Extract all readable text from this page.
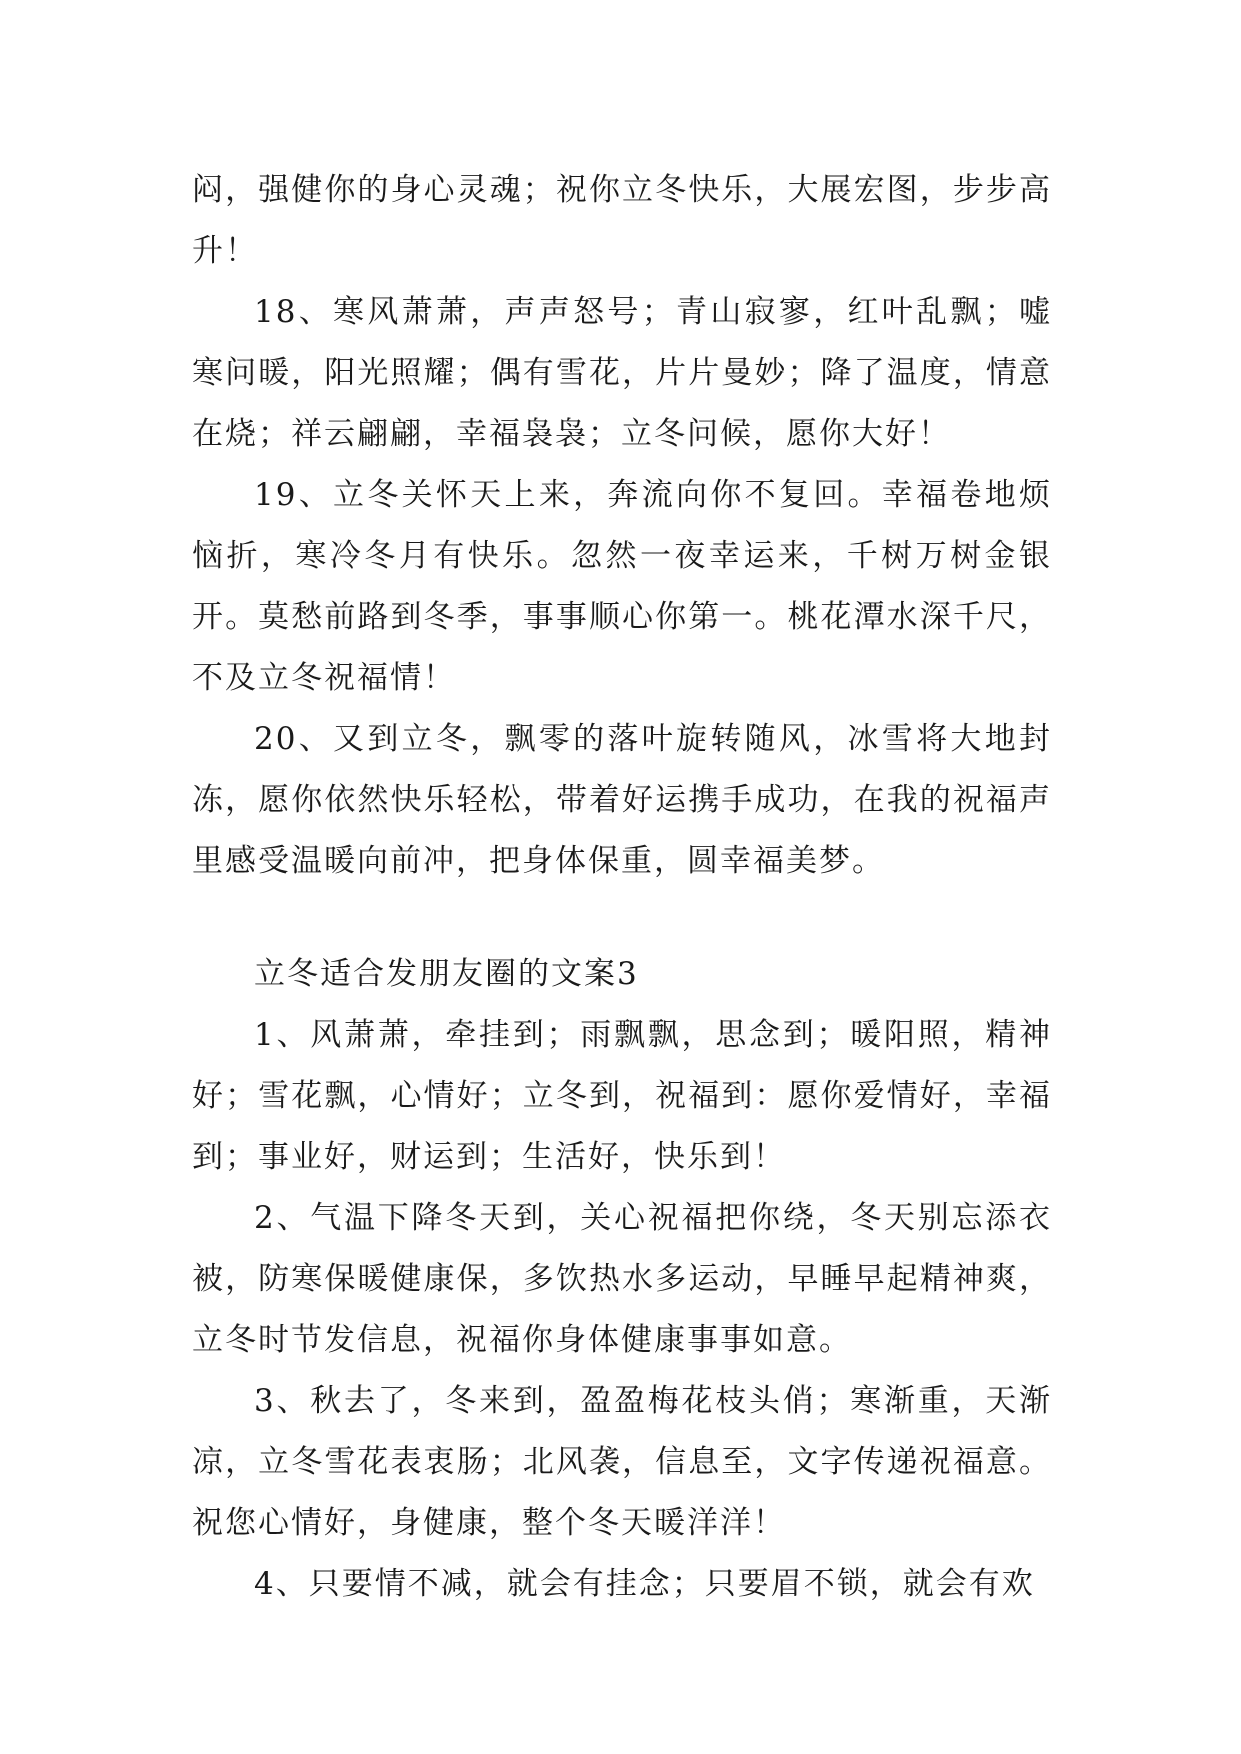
闷，强健你的身心灵魂；祝你立冬快乐，大展宏图，步步高升！

18、寒风萧萧，声声怒号；青山寂寥，红叶乱飘；嘘寒问暖，阳光照耀；偶有雪花，片片曼妙；降了温度，情意在烧；祥云翩翩，幸福袅袅；立冬问候，愿你大好！

19、立冬关怀天上来，奔流向你不复回。幸福卷地烦恼折，寒冷冬月有快乐。忽然一夜幸运来，千树万树金银开。莫愁前路到冬季，事事顺心你第一。桃花潭水深千尺，不及立冬祝福情！

20、又到立冬，飘零的落叶旋转随风，冰雪将大地封冻，愿你依然快乐轻松，带着好运携手成功，在我的祝福声里感受温暖向前冲，把身体保重，圆幸福美梦。

立冬适合发朋友圈的文案3

1、风萧萧，牵挂到；雨飘飘，思念到；暖阳照，精神好；雪花飘，心情好；立冬到，祝福到：愿你爱情好，幸福到；事业好，财运到；生活好，快乐到！

2、气温下降冬天到，关心祝福把你绕，冬天别忘添衣被，防寒保暖健康保，多饮热水多运动，早睡早起精神爽，立冬时节发信息，祝福你身体健康事事如意。

3、秋去了，冬来到，盈盈梅花枝头俏；寒渐重，天渐凉，立冬雪花表衷肠；北风袭，信息至，文字传递祝福意。祝您心情好，身健康，整个冬天暖洋洋！

4、只要情不减，就会有挂念；只要眉不锁，就会有欢
